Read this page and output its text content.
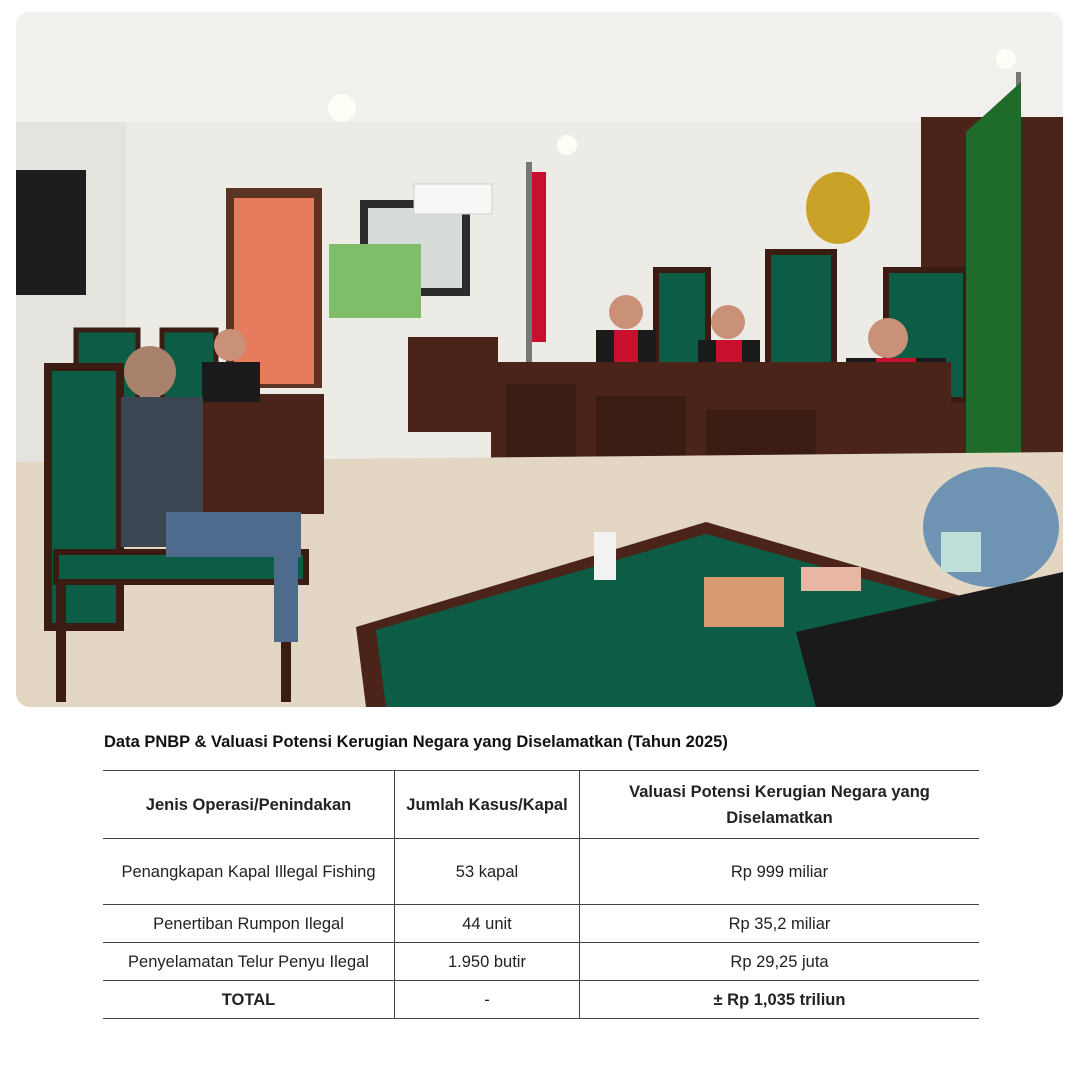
Data PNBP & Valuasi Potensi Kerugian Negara yang Diselamatkan (Tahun 2025)
Jenis Operasi/Penindakan	Jumlah Kasus/Kapal	Valuasi Potensi Kerugian Negara yang Diselamatkan
Penangkapan Kapal Illegal Fishing	53 kapal	Rp 999 miliar
Penertiban Rumpon Ilegal	44 unit	Rp 35,2 miliar
Penyelamatan Telur Penyu Ilegal	1.950 butir	Rp 29,25 juta
TOTAL	-	± Rp 1,035 triliun
